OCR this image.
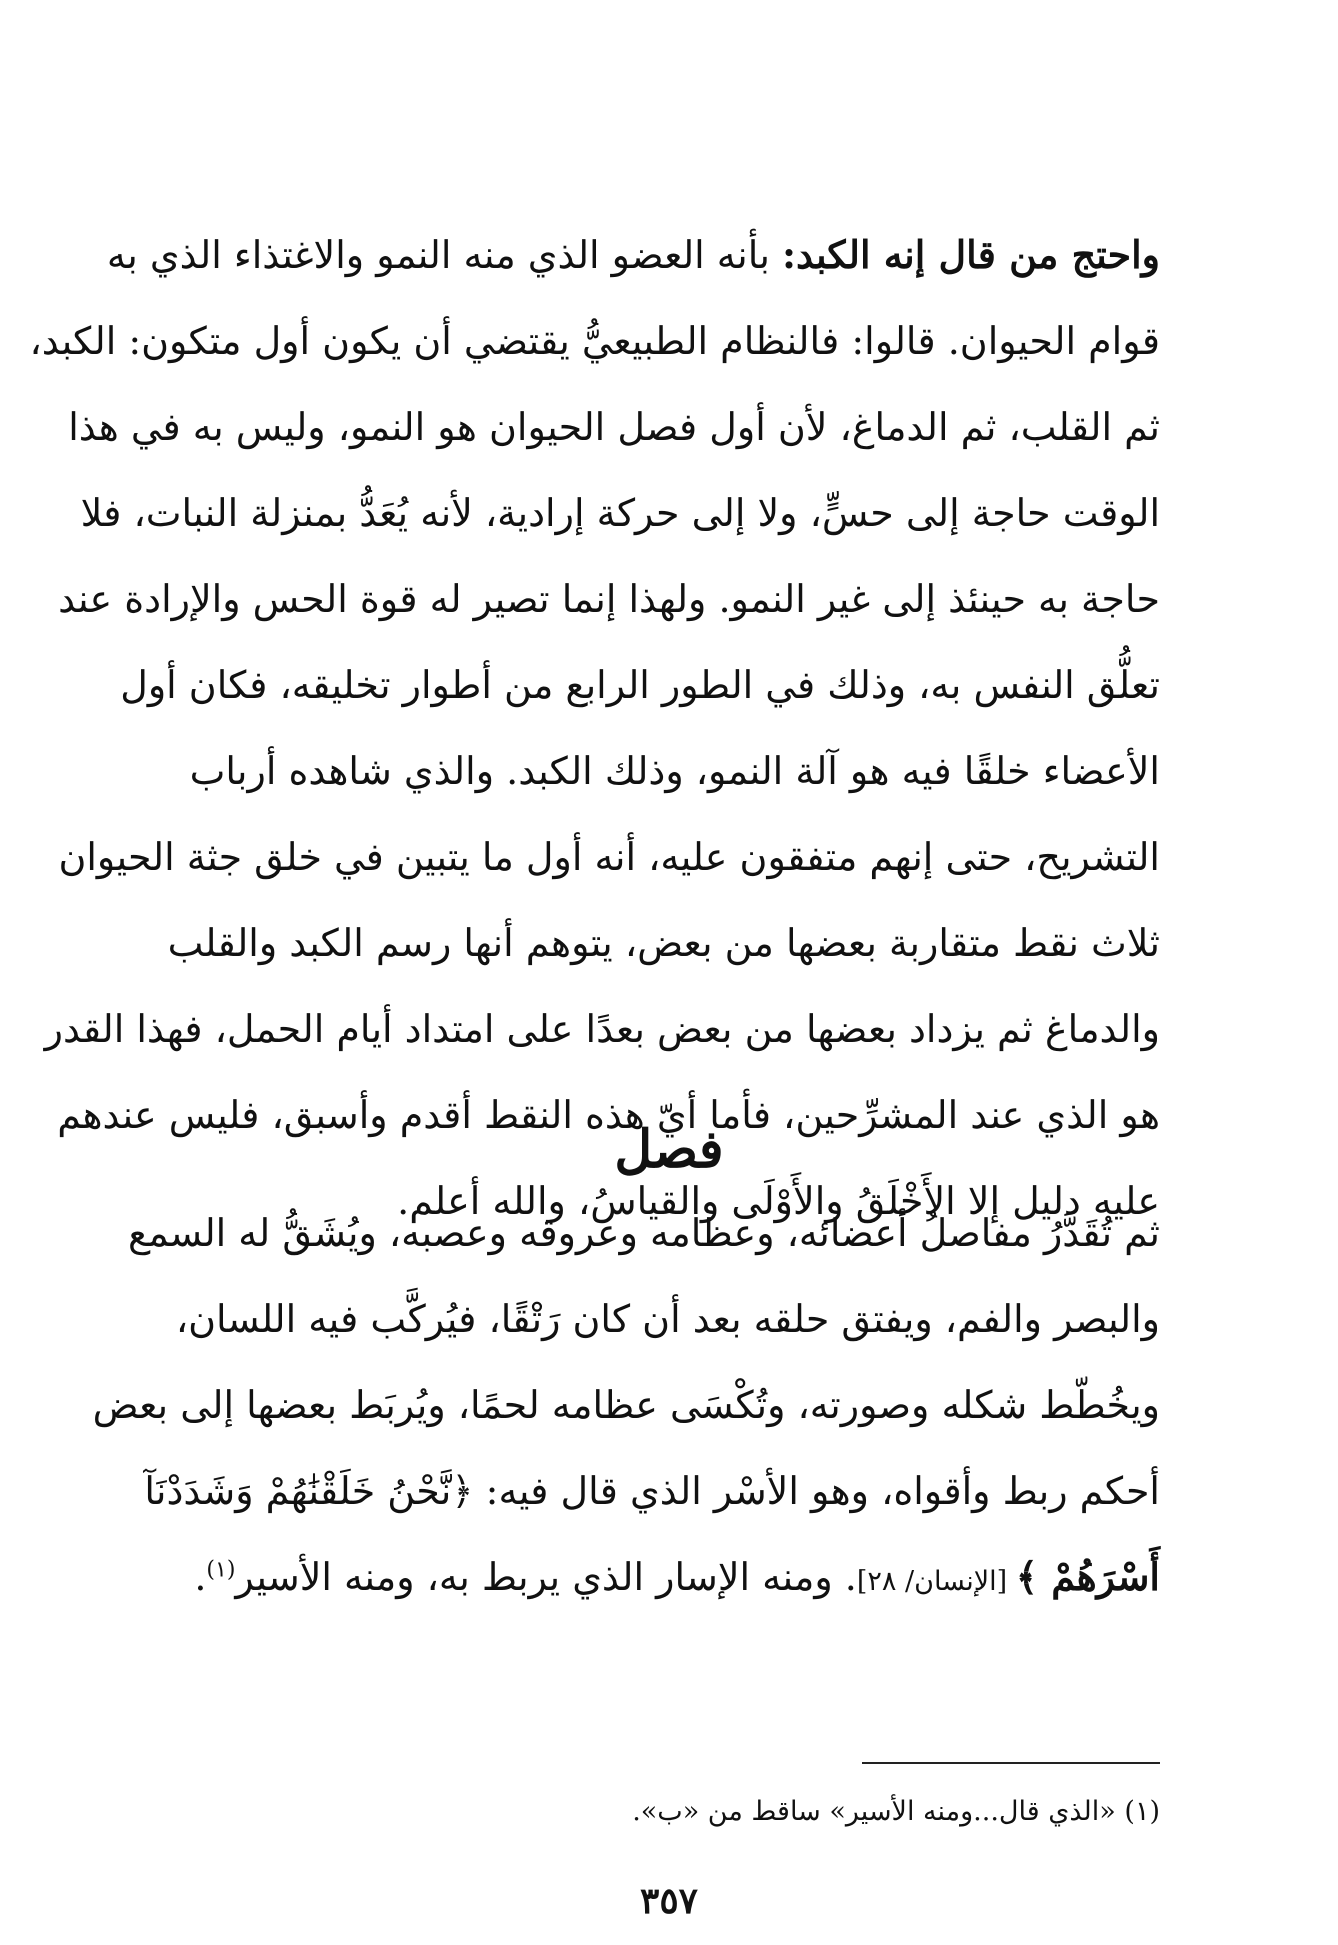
واحتج من قال إنه الكبد: بأنه العضو الذي منه النمو والاغتذاء الذي به
قوام الحيوان. قالوا: فالنظام الطبيعيُّ يقتضي أن يكون أول متكون: الكبد،
ثم القلب، ثم الدماغ، لأن أول فصل الحيوان هو النمو، وليس به في هذا
الوقت حاجة إلى حسٍّ، ولا إلى حركة إرادية، لأنه يُعَدُّ بمنزلة النبات، فلا
حاجة به حينئذ إلى غير النمو. ولهذا إنما تصير له قوة الحس والإرادة عند
تعلُّق النفس به، وذلك في الطور الرابع من أطوار تخليقه، فكان أول
الأعضاء خلقًا فيه هو آلة النمو، وذلك الكبد. والذي شاهده أرباب
التشريح، حتى إنهم متفقون عليه، أنه أول ما يتبين في خلق جثة الحيوان
ثلاث نقط متقاربة بعضها من بعض، يتوهم أنها رسم الكبد والقلب
والدماغ ثم يزداد بعضها من بعض بعدًا على امتداد أيام الحمل، فهذا القدر
هو الذي عند المشرِّحين، فأما أيّ هذه النقط أقدم وأسبق، فليس عندهم
عليه دليل إلا الأَخْلَقُ والأَوْلَى والقياسُ، والله أعلم.
فصل
ثم تُقَدَّرُ مفاصلُ أعضائه، وعظامه وعروقه وعصبه، ويُشَقُّ له السمع
والبصر والفم، ويفتق حلقه بعد أن كان رَتْقًا، فيُركَّب فيه اللسان،
ويخُطّط شكله وصورته، وتُكْسَى عظامه لحمًا، ويُربَط بعضها إلى بعض
أحكم ربط وأقواه، وهو الأسْر الذي قال فيه: ﴿نَّحْنُ خَلَقْنَٰهُمْ وَشَدَدْنَآ
أَسْرَهُمْ ﴾ [الإنسان/ ٢٨]. ومنه الإسار الذي يربط به، ومنه الأسير$^{(١)}$.
(١) «الذي قال...ومنه الأسير» ساقط من «ب».
٣٥٧
